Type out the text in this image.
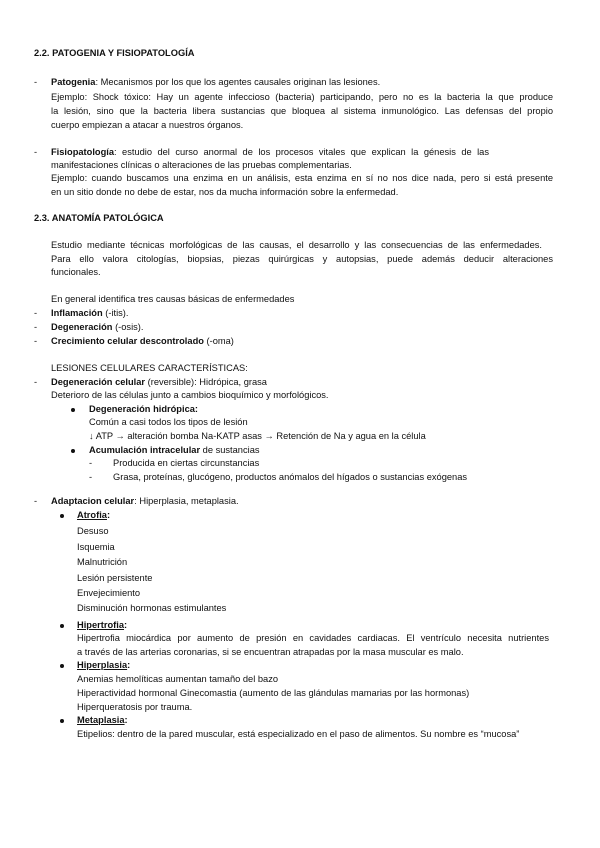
2.2. PATOGENIA Y FISIOPATOLOGÍA
- Patogenia: Mecanismos por los que los agentes causales originan las lesiones.
Ejemplo: Shock tóxico: Hay un agente infeccioso (bacteria) participando, pero no es la bacteria la que produce
la lesión, sino que la bacteria libera sustancias que bloquea al sistema inmunológico. Las defensas del propio
cuerpo empiezan a atacar a nuestros órganos.
- Fisiopatología: estudio del curso anormal de los procesos vitales que explican la génesis de las
manifestaciones clínicas o alteraciones de las pruebas complementarias.
Ejemplo: cuando buscamos una enzima en un análisis, esta enzima en sí no nos dice nada, pero si está presente
en un sitio donde no debe de estar, nos da mucha información sobre la enfermedad.
2.3. ANATOMÍA PATOLÓGICA
Estudio mediante técnicas morfológicas de las causas, el desarrollo y las consecuencias de las enfermedades.
Para ello valora citologías, biopsias, piezas quirúrgicas y autopsias, puede además deducir alteraciones
funcionales.
En general identifica tres causas básicas de enfermedades
- Inflamación (-itis).
- Degeneración (-osis).
- Crecimiento celular descontrolado (-oma)
LESIONES CELULARES CARACTERÍSTICAS:
- Degeneración celular (reversible): Hidrópica, grasa
Deterioro de las células junto a cambios bioquímico y morfológicos.
Degeneración hidrópica:
Común a casi todos los tipos de lesión
↓ ATP → alteración bomba Na-KATP asas → Retención de Na y agua en la célula
Acumulación intracelular de sustancias
- Producida en ciertas circunstancias
- Grasa, proteínas, glucógeno, productos anómalos del hígados o sustancias exógenas
- Adaptacion celular: Hiperplasia, metaplasia.
Atrofia:
Desuso
Isquemia
Malnutrición
Lesión persistente
Envejecimiento
Disminución hormonas estimulantes
Hipertrofia:
Hipertrofia miocárdica por aumento de presión en cavidades cardiacas. El ventrículo necesita nutrientes
a través de las arterias coronarias, si se encuentran atrapadas por la masa muscular es malo.
Hiperplasia:
Anemias hemolíticas aumentan tamaño del bazo
Hiperactividad hormonal Ginecomastia (aumento de las glándulas mamarias por las hormonas)
Hiperqueratosis por trauma.
Metaplasia:
Etipelios: dentro de la pared muscular, está especializado en el paso de alimentos. Su nombre es “mucosa”
